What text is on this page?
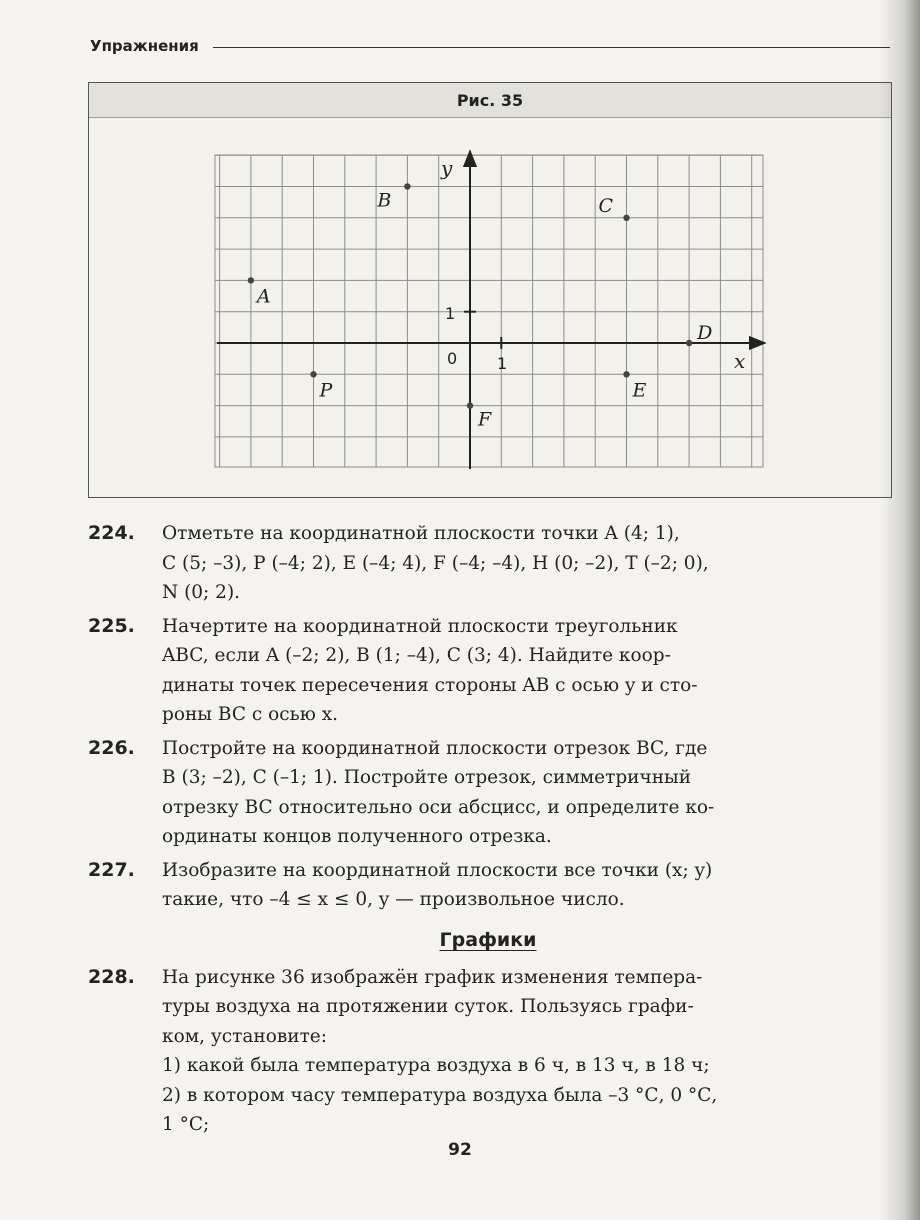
Упражнения
Рис. 35
x
y
0 1
1
A
B	C
D
P	E
F
224.	Отметьте на координатной плоскости точки A (4; 1),
C (5; –3), P (–4; 2), E (–4; 4), F (–4; –4), H (0; –2), T (–2; 0),
N (0; 2).
225.	Начертите на координатной плоскости треугольник
ABC, если A (–2; 2), B (1; –4), C (3; 4). Найдите коор-
динаты точек пересечения стороны AB с осью y и сто-
роны BC с осью x.
226.	Постройте на координатной плоскости отрезок BC, где
B (3; –2), C (–1; 1). Постройте отрезок, симметричный
отрезку BC относительно оси абсцисс, и определите ко-
ординаты концов полученного отрезка.
227.	Изобразите на координатной плоскости все точки (x; y)
такие, что –4 ≤ x ≤ 0, y — произвольное число.
Графики
228.	На рисунке 36 изображён график изменения темпера-
туры воздуха на протяжении суток. Пользуясь графи-
ком, установите:
1) какой была температура воздуха в 6 ч, в 13 ч, в 18 ч;
2) в котором часу температура воздуха была –3 °С, 0 °С,
1 °С;
92
